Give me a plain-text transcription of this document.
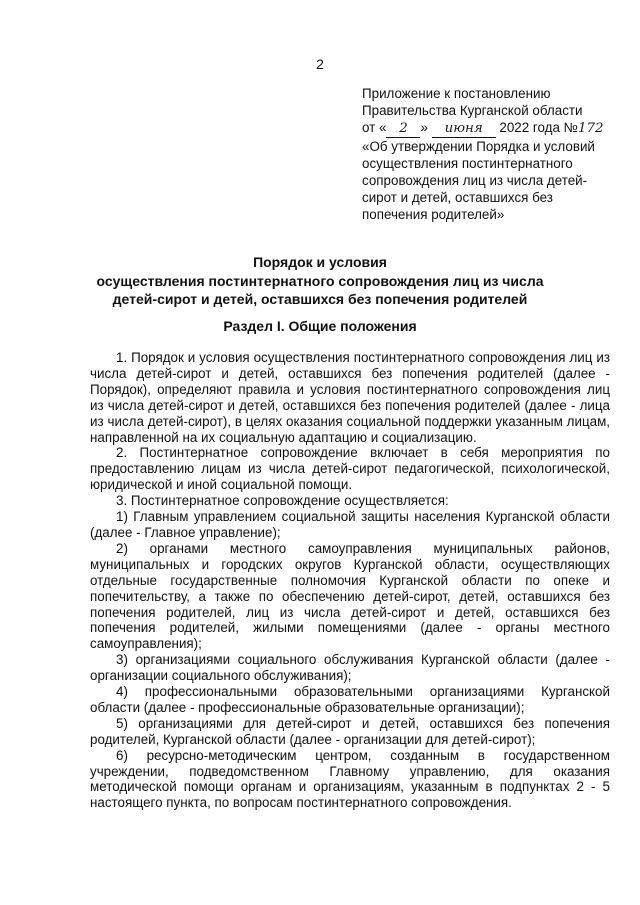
2
Приложение к постановлению
Правительства Курганской области
от « 2 » июня 2022 года №172
«Об утверждении Порядка и условий
осуществления постинтернатного
сопровождения лиц из числа детей-
сирот и детей, оставшихся без
попечения родителей»
Порядок и условия
осуществления постинтернатного сопровождения лиц из числа
детей-сирот и детей, оставшихся без попечения родителей
Раздел I. Общие положения

1. Порядок и условия осуществления постинтернатного сопровождения лиц из числа детей-сирот и детей, оставшихся без попечения родителей (далее - Порядок), определяют правила и условия постинтернатного сопровождения лиц из числа детей-сирот и детей, оставшихся без попечения родителей (далее - лица из числа детей-сирот), в целях оказания социальной поддержки указанным лицам, направленной на их социальную адаптацию и социализацию.

2. Постинтернатное сопровождение включает в себя мероприятия по предоставлению лицам из числа детей-сирот педагогической, психологической, юридической и иной социальной помощи.

3. Постинтернатное сопровождение осуществляется:

1) Главным управлением социальной защиты населения Курганской области (далее - Главное управление);

2) органами местного самоуправления муниципальных районов, муниципальных и городских округов Курганской области, осуществляющих отдельные государственные полномочия Курганской области по опеке и попечительству, а также по обеспечению детей-сирот, детей, оставшихся без попечения родителей, лиц из числа детей-сирот и детей, оставшихся без попечения родителей, жилыми помещениями (далее - органы местного самоуправления);

3) организациями социального обслуживания Курганской области (далее - организации социального обслуживания);

4) профессиональными образовательными организациями Курганской области (далее - профессиональные образовательные организации);

5) организациями для детей-сирот и детей, оставшихся без попечения родителей, Курганской области (далее - организации для детей-сирот);

6) ресурсно-методическим центром, созданным в государственном учреждении, подведомственном Главному управлению, для оказания методической помощи органам и организациям, указанным в подпунктах 2 - 5 настоящего пункта, по вопросам постинтернатного сопровождения.
